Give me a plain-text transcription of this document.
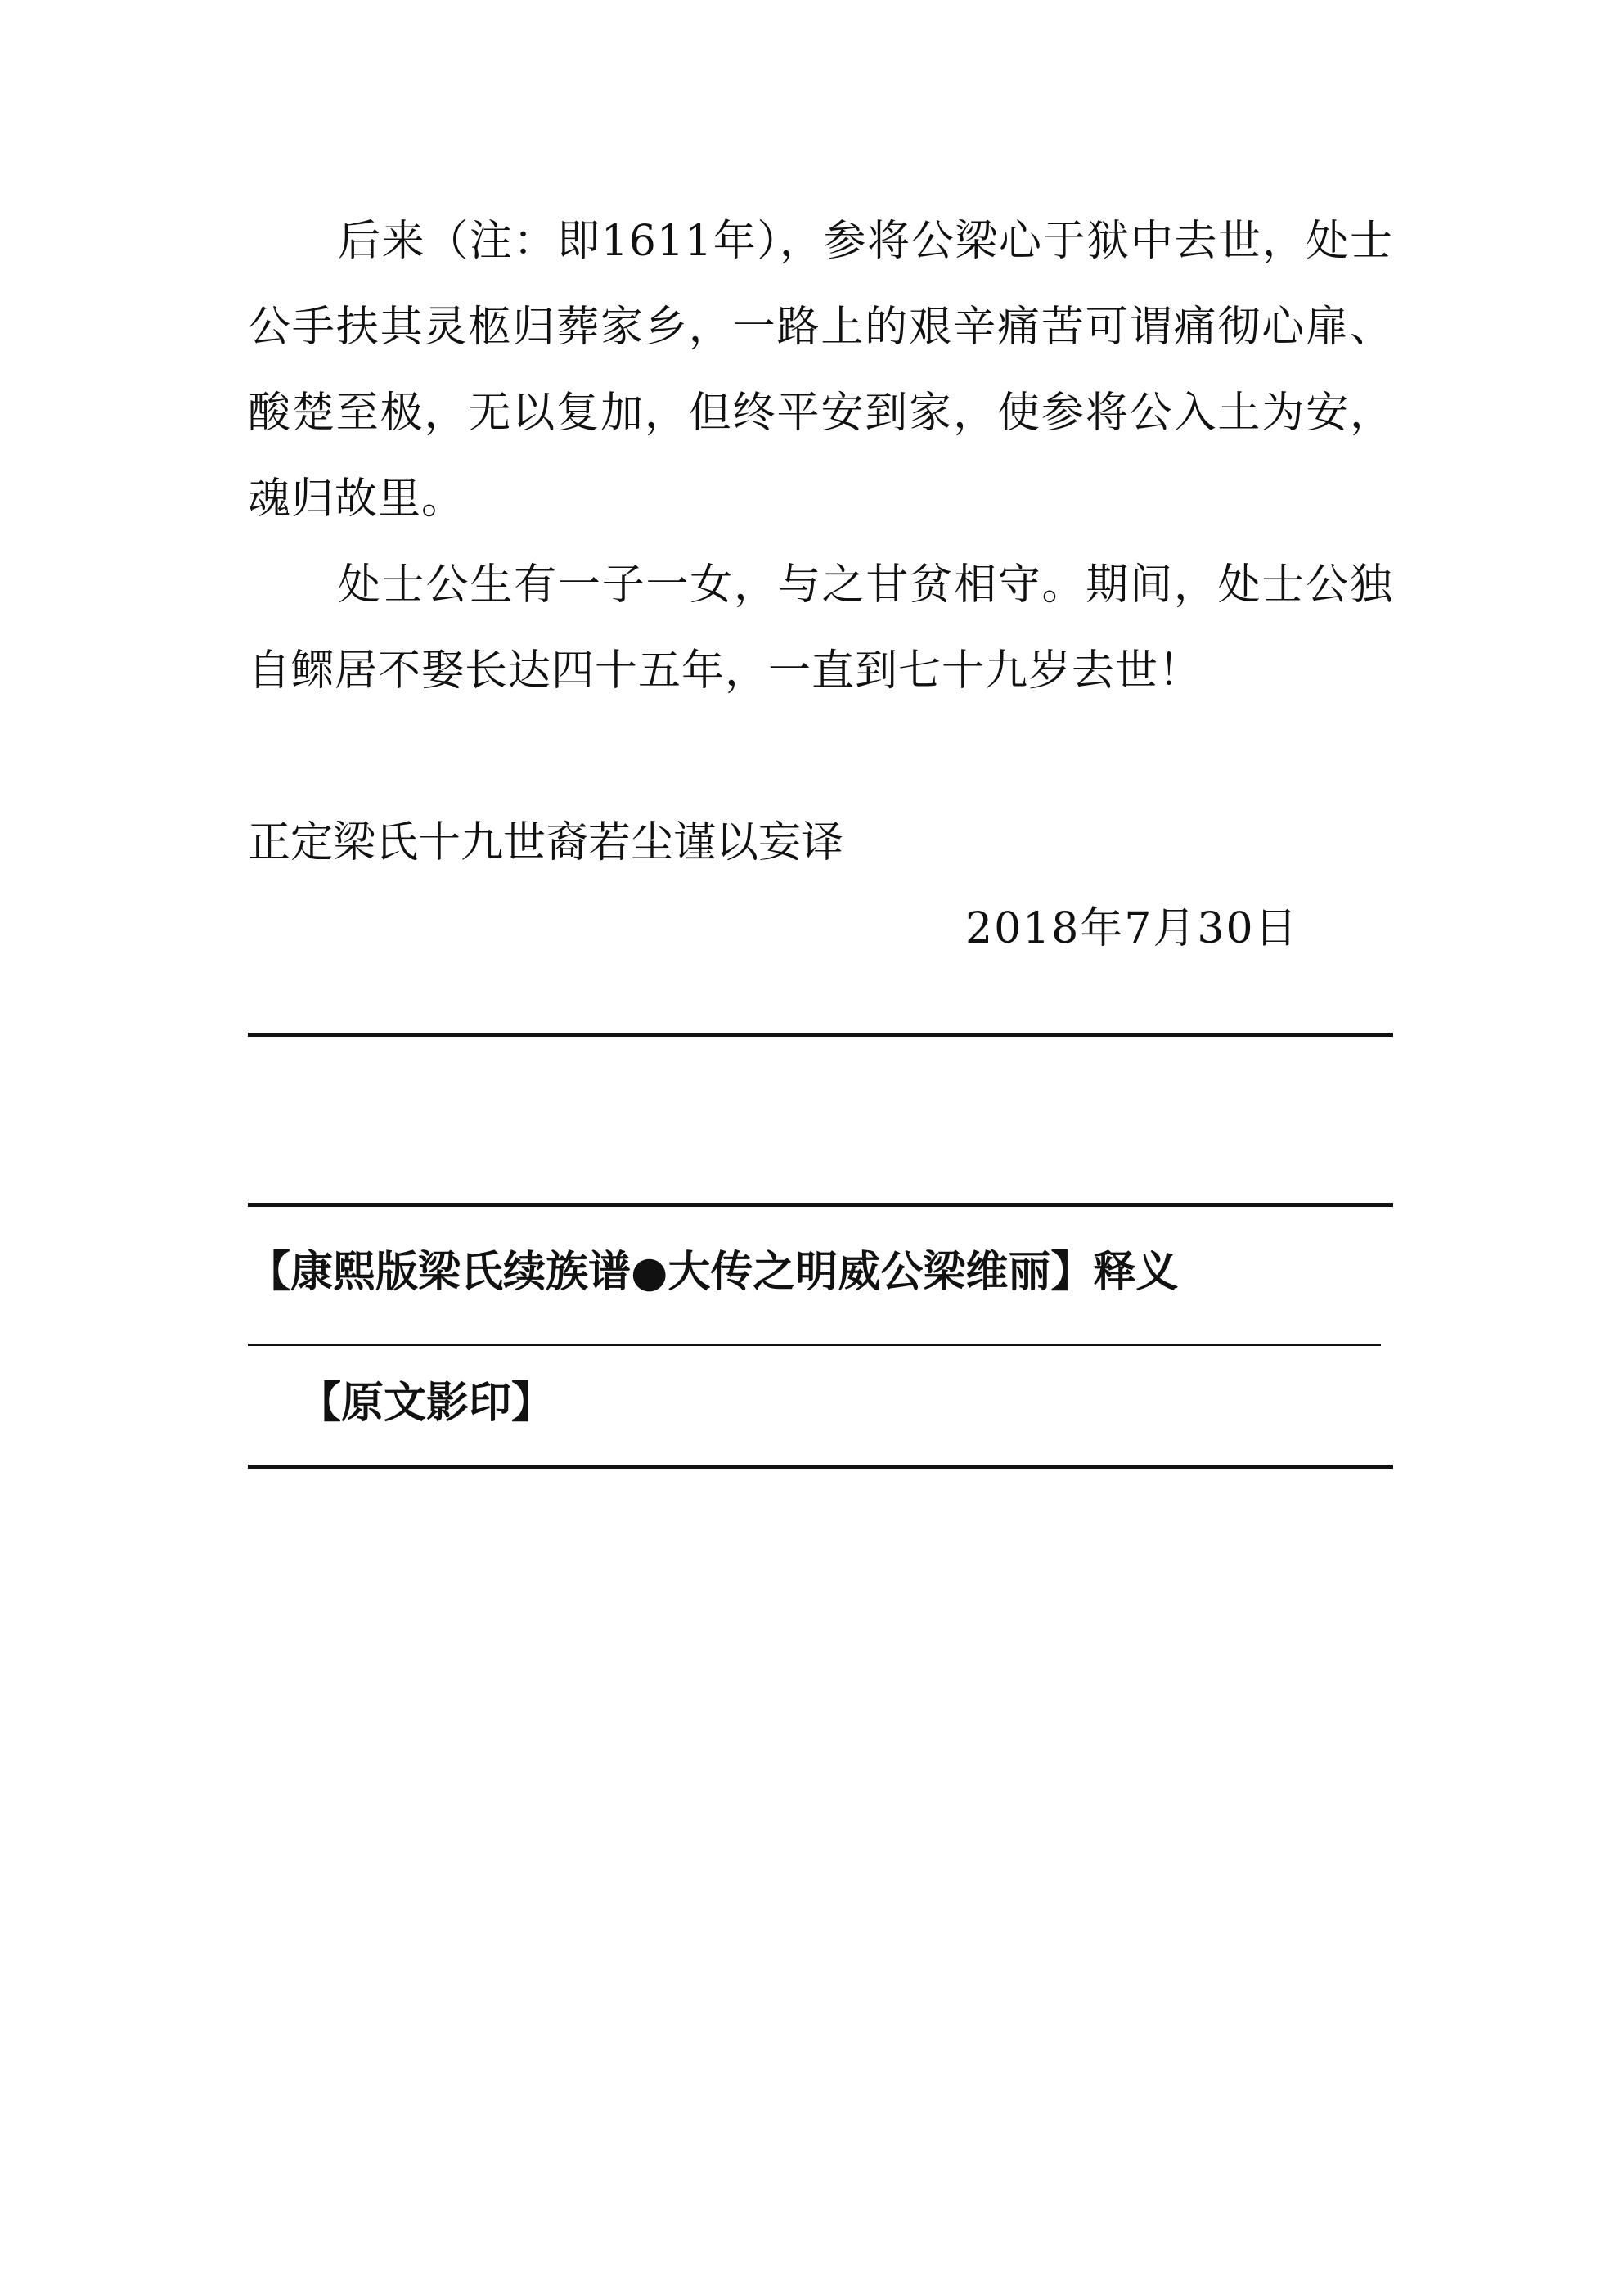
后来（注：即1611年），参将公梁心于狱中去世，处士公手扶其灵柩归葬家乡，一路上的艰辛痛苦可谓痛彻心扉、酸楚至极，无以复加，但终平安到家，使参将公入土为安，魂归故里。

处士公生有一子一女，与之甘贫相守。期间，处士公独自鳏居不娶长达四十五年，一直到七十九岁去世！

正定梁氏十九世裔若尘谨以妄译

2018年7月30日

【康熙版梁氏续族谱●大传之明威公梁维丽】释义

【原文影印】
